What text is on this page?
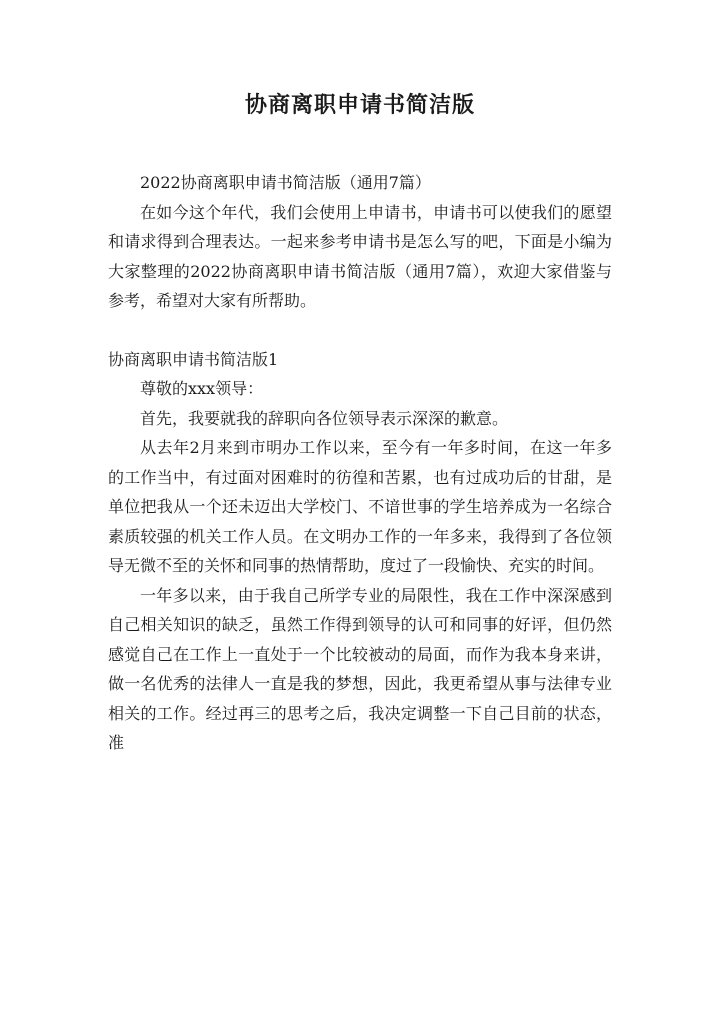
协商离职申请书简洁版

2022协商离职申请书简洁版（通用7篇）

在如今这个年代，我们会使用上申请书，申请书可以使我们的愿望和请求得到合理表达。一起来参考申请书是怎么写的吧，下面是小编为大家整理的2022协商离职申请书简洁版（通用7篇），欢迎大家借鉴与参考，希望对大家有所帮助。

协商离职申请书简洁版1

尊敬的xxx领导：

首先，我要就我的辞职向各位领导表示深深的歉意。

从去年2月来到市明办工作以来，至今有一年多时间，在这一年多的工作当中，有过面对困难时的彷徨和苦累，也有过成功后的甘甜，是单位把我从一个还未迈出大学校门、不谙世事的学生培养成为一名综合素质较强的机关工作人员。在文明办工作的一年多来，我得到了各位领导无微不至的关怀和同事的热情帮助，度过了一段愉快、充实的时间。

一年多以来，由于我自己所学专业的局限性，我在工作中深深感到自己相关知识的缺乏，虽然工作得到领导的认可和同事的好评，但仍然感觉自己在工作上一直处于一个比较被动的局面，而作为我本身来讲，做一名优秀的法律人一直是我的梦想，因此，我更希望从事与法律专业相关的工作。经过再三的思考之后，我决定调整一下自己目前的状态，准
